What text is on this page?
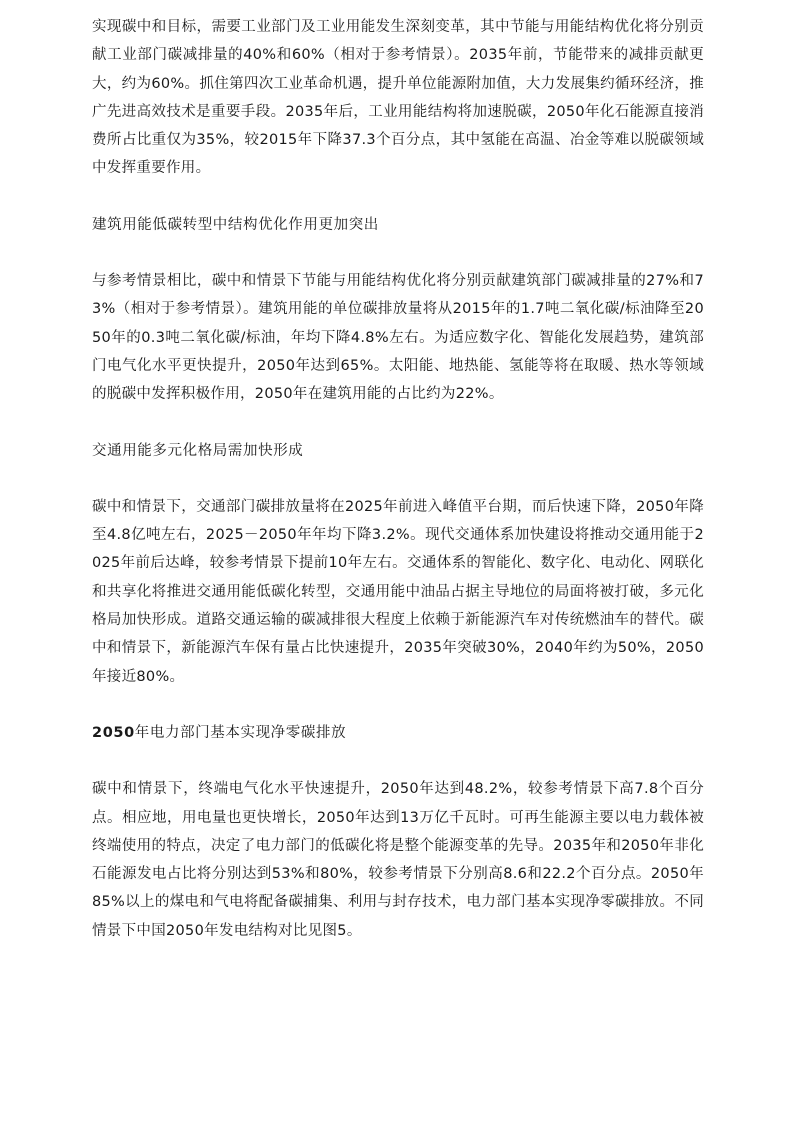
实现碳中和目标，需要工业部门及工业用能发生深刻变革，其中节能与用能结构优化将分别贡献工业部门碳减排量的40%和60%（相对于参考情景）。2035年前，节能带来的减排贡献更大，约为60%。抓住第四次工业革命机遇，提升单位能源附加值，大力发展集约循环经济，推广先进高效技术是重要手段。2035年后，工业用能结构将加速脱碳，2050年化石能源直接消费所占比重仅为35%，较2015年下降37.3个百分点，其中氢能在高温、冶金等难以脱碳领域中发挥重要作用。

建筑用能低碳转型中结构优化作用更加突出

与参考情景相比，碳中和情景下节能与用能结构优化将分别贡献建筑部门碳减排量的27%和73%（相对于参考情景）。建筑用能的单位碳排放量将从2015年的1.7吨二氧化碳/标油降至2050年的0.3吨二氧化碳/标油，年均下降4.8%左右。为适应数字化、智能化发展趋势，建筑部门电气化水平更快提升，2050年达到65%。太阳能、地热能、氢能等将在取暖、热水等领域的脱碳中发挥积极作用，2050年在建筑用能的占比约为22%。

交通用能多元化格局需加快形成

碳中和情景下，交通部门碳排放量将在2025年前进入峰值平台期，而后快速下降，2050年降至4.8亿吨左右，2025－2050年年均下降3.2%。现代交通体系加快建设将推动交通用能于2025年前后达峰，较参考情景下提前10年左右。交通体系的智能化、数字化、电动化、网联化和共享化将推进交通用能低碳化转型，交通用能中油品占据主导地位的局面将被打破，多元化格局加快形成。道路交通运输的碳减排很大程度上依赖于新能源汽车对传统燃油车的替代。碳中和情景下，新能源汽车保有量占比快速提升，2035年突破30%，2040年约为50%，2050年接近80%。

2050年电力部门基本实现净零碳排放

碳中和情景下，终端电气化水平快速提升，2050年达到48.2%，较参考情景下高7.8个百分点。相应地，用电量也更快增长，2050年达到13万亿千瓦时。可再生能源主要以电力载体被终端使用的特点，决定了电力部门的低碳化将是整个能源变革的先导。2035年和2050年非化石能源发电占比将分别达到53%和80%，较参考情景下分别高8.6和22.2个百分点。2050年85%以上的煤电和气电将配备碳捕集、利用与封存技术，电力部门基本实现净零碳排放。不同情景下中国2050年发电结构对比见图5。
